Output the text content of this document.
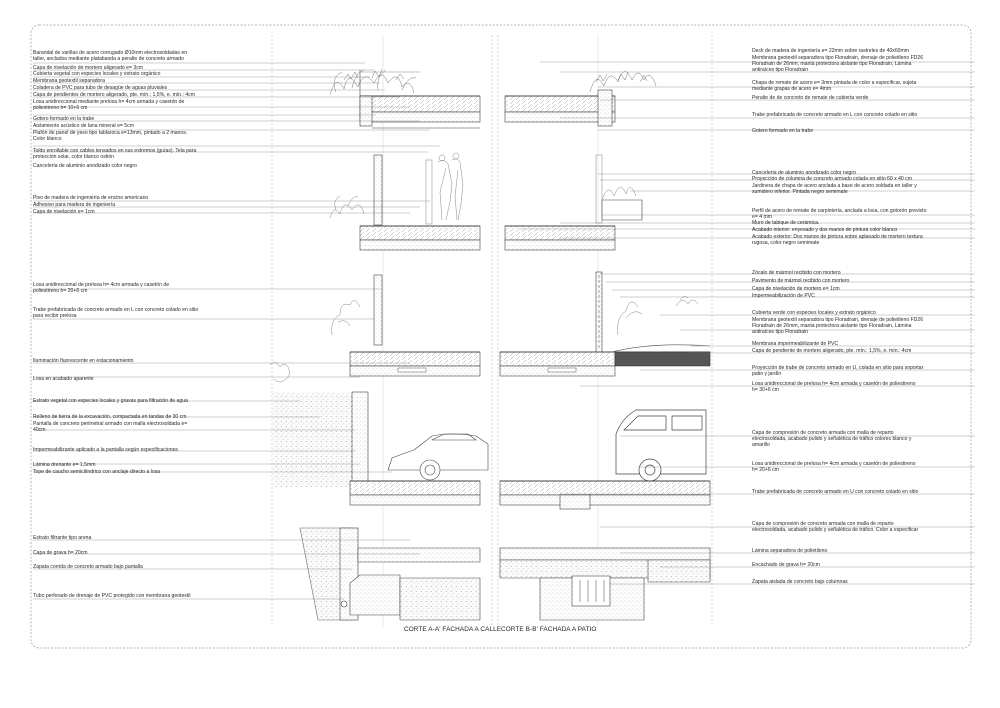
Barandal de varillas de acero corrugado Ø10mm electrosoldadas en
taller, anclados mediante platabanda a peralte de concreto armado
Capa de nivelación de mortero aligerado e= 3cm
Cubierta vegetal con especies locales y estrato orgánico
Membrana geotextil separadora
Coladera de PVC para tubo de desagüe de aguas pluviales
Capa de pendientes de mortero aligerado, pte. mín.: 1,5%, e. mín.: 4cm
Losa unidireccional mediante prelosa h= 4cm armada y casetón de
poliestireno h= 10+6 cm
Gotero formado en la trabe
Aislamiento acústico de lana mineral e= 5cm
Plafón de panel de yeso tipo tablaroca e=13mm, pintado a 2 manos.
Color blanco
Toldo enrollable con cables tensados en sus extremos (guías). Tela para
protección solar, color blanco ostión
Cancelería de aluminio anodizado color negro
Piso de madera de ingeniería de encino americano
Adhesivo para madera de ingeniería
Capa de nivelación e= 1cm
Losa unidireccional de prelosa h= 4cm armada y casetón de
poliestireno h= 20+6 cm
Trabe prefabricada de concreto armado en L con concreto colado en sitio
para recibir prelosa
Iluminación fluorescente en estacionamiento
Losa en acabado aparente
Estrato vegetal con especies locales y gravas para filtración de agua
Relleno de tierra de la excavación, compactada en tandas de 30 cm
Pantalla de concreto perimetral armado con malla electrosoldada e=
40cm
Impermeabilizante aplicado a la pantalla según especificaciones
Lámina drenante e= 1,5mm
Tope de caucho semicilíndrico con anclaje directo a losa
Estrato filtrante tipo arena
Capa de grava h= 20cm
Zapata corrida de concreto armado bajo pantalla
Tubo perforado de drenaje de PVC protegido con membrana geotextil
Deck de madera de ingeniería e= 22mm sobre rastreles de 40x60mm
Membrana geotextil separadora tipo Floradrain, drenaje de polietileno FD26
Floradrain de 26mm, manta protectora aislante tipo Floradrain, Lámina
antiraíces tipo Floradrain
Chapa de remate de acero e= 3mm pintada de color a especificar, sujeta
mediante grapas de acero e= 4mm
Peralte de de concreto de remate de cubierta verde
Trabe prefabricada de concreto armado en L con concreto colado en sitio
Gotero formado en la trabe
Cancelería de aluminio anodizado color negro
Proyección de columna de concreto armado colada en sitio 60 x 40 cm
Jardinera de chapa de acero anclada a base de acero soldada en taller y
sumidero inferior. Pintada negro semimate
Perfil de acero de remate de carpintería, anclada a losa, con gotorón previsto
e= 4 mm
Muro de tabique de cerámica.
Acabado interior: enyesado y dos manos de pintura color blanco
Acabado exterior: Dos manos de pintura sobre aplanado de mortero textura
rugosa, color negro semimate
Zócalo de mármol recibido con mortero
Pavimento de mármol recibido con mortero
Capa de nivelación de mortero e= 1cm
Impermeabilización de PVC
Cubierta verde con especies locales y estrato orgánico
Membrana geotextil separadora tipo Floradrain, drenaje de polietileno FD26
Floradrain de 26mm, manta protectora aislante tipo Floradrain, Lámina
antiraíces tipo Floradrain
Membrana impermeabilizante de PVC
Capa de pendiente de mortero aligerado, pte. mín.: 1,5%, e. mín.: 4cm
Proyección de trabe de concreto armado en U, colada en sitio para soportar
patio y jardín
Losa unidireccional de prelosa h= 4cm armada y casetón de poliestireno
h= 30+6 cm
Capa de compresión de concreto armada con malla de reparto
electrosoldada, acabado pulido y señalética de tráfico colores blanco y
amarillo
Losa unidireccional de prelosa h= 4cm armada y casetón de poliestireno
h= 20+6 cm
Trabe prefabricada de concreto armado en U con concreto colado en sitio
Capa de compresión de concreto armada con malla de reparto
electrosoldada, acabado pulido y señalética de tráfico. Color a especificar
Lámina separadora de polietileno
Encachado de grava h= 20cm
Zapata aislada de concreto bajo columnas
CORTE A-A' FACHADA A CALLE CORTE B-B' FACHADA A PATIO
